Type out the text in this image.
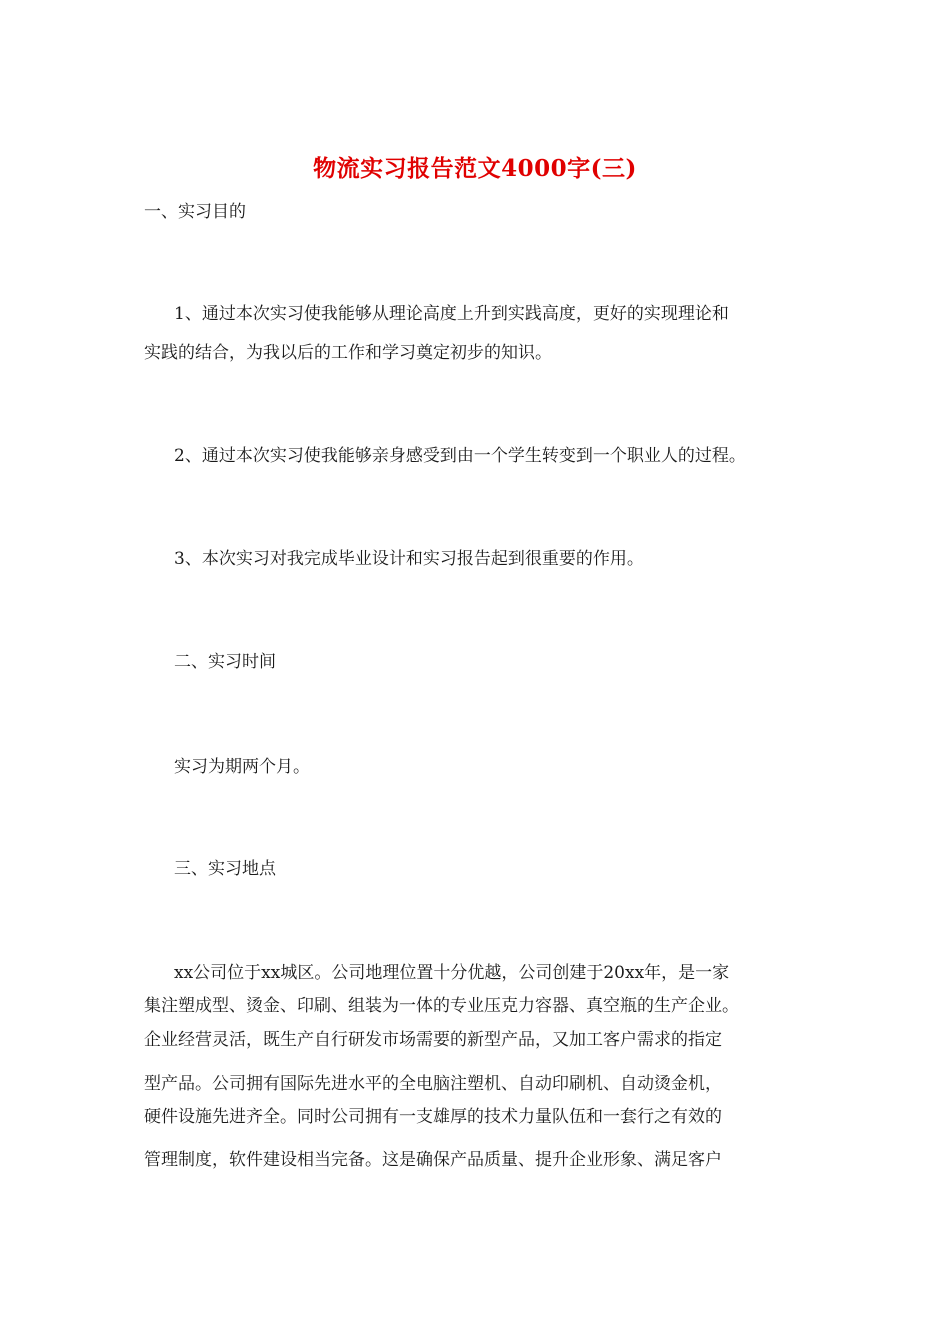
物流实习报告范文4000字(三)

一、实习目的

1、通过本次实习使我能够从理论高度上升到实践高度，更好的实现理论和

实践的结合，为我以后的工作和学习奠定初步的知识。

2、通过本次实习使我能够亲身感受到由一个学生转变到一个职业人的过程。

3、本次实习对我完成毕业设计和实习报告起到很重要的作用。

二、实习时间

实习为期两个月。

三、实习地点

xx公司位于xx城区。公司地理位置十分优越，公司创建于20xx年，是一家

集注塑成型、烫金、印刷、组装为一体的专业压克力容器、真空瓶的生产企业。

企业经营灵活，既生产自行研发市场需要的新型产品，又加工客户需求的指定

型产品。公司拥有国际先进水平的全电脑注塑机、自动印刷机、自动烫金机，

硬件设施先进齐全。同时公司拥有一支雄厚的技术力量队伍和一套行之有效的

管理制度，软件建设相当完备。这是确保产品质量、提升企业形象、满足客户
